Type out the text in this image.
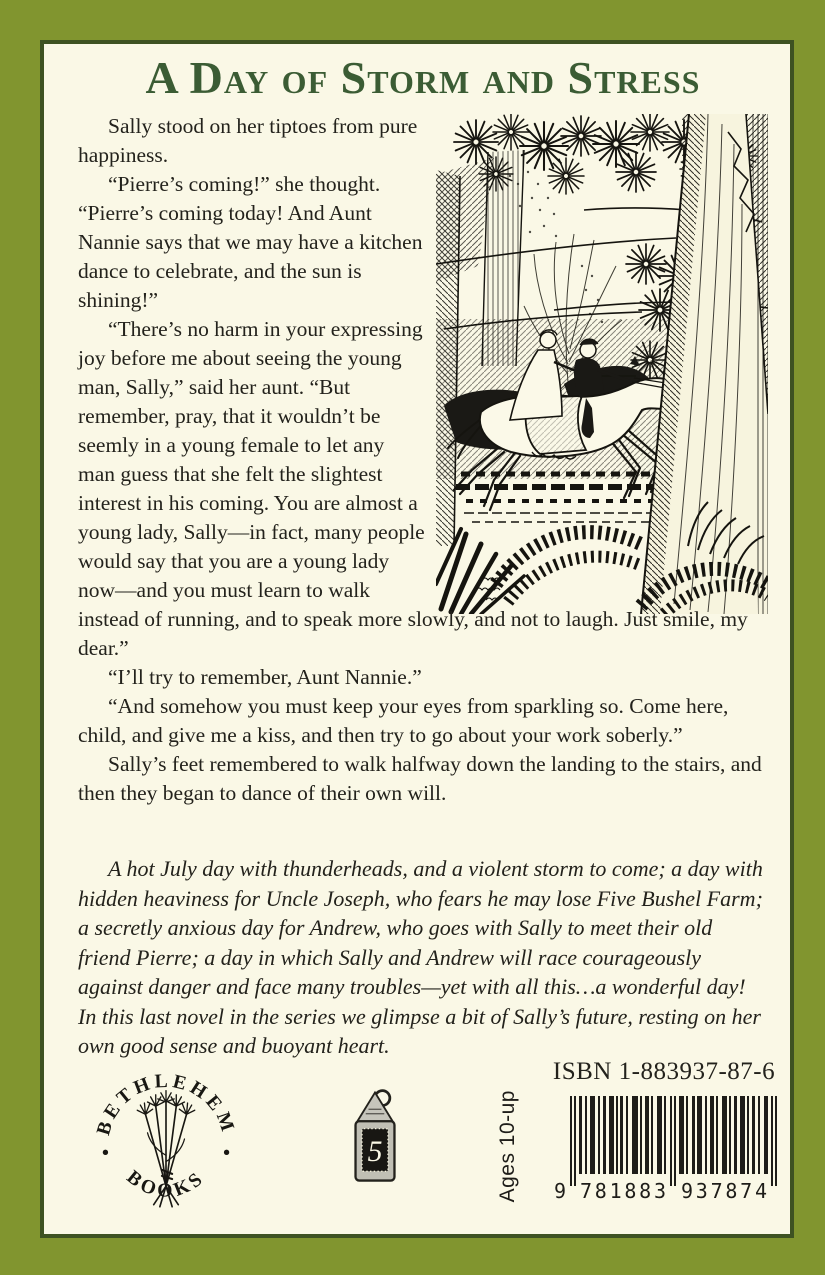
A Day of Storm and Stress

Sally stood on her tiptoes from pure happiness.

“Pierre’s coming!” she thought. “Pierre’s coming today! And Aunt Nannie says that we may have a kitchen dance to celebrate, and the sun is shining!”

“There’s no harm in your expressing joy before me about seeing the young man, Sally,” said her aunt. “But remember, pray, that it wouldn’t be seemly in a young female to let any man guess that she felt the slightest interest in his coming. You are almost a young lady, Sally—in fact, many people would say that you are a young lady now—and you must learn to walk instead of running, and to speak more slowly, and not to laugh. Just smile, my dear.”

“I’ll try to remember, Aunt Nannie.”

“And somehow you must keep your eyes from sparkling so. Come here, child, and give me a kiss, and then try to go about your work soberly.”

Sally’s feet remembered to walk halfway down the landing to the stairs, and then they began to dance of their own will.

A hot July day with thunderheads, and a violent storm to come; a day with hidden heaviness for Uncle Joseph, who fears he may lose Five Bushel Farm; a secretly anxious day for Andrew, who goes with Sally to meet their old friend Pierre; a day in which Sally and Andrew will race courageously against danger and face many troubles—yet with all this…a wonderful day! In this last novel in the series we glimpse a bit of Sally’s future, resting on her own good sense and buoyant heart.

BETHLEHEM
BOOKS
5
ISBN 1-883937-87-6
Ages 10-up 9 781883 937874
